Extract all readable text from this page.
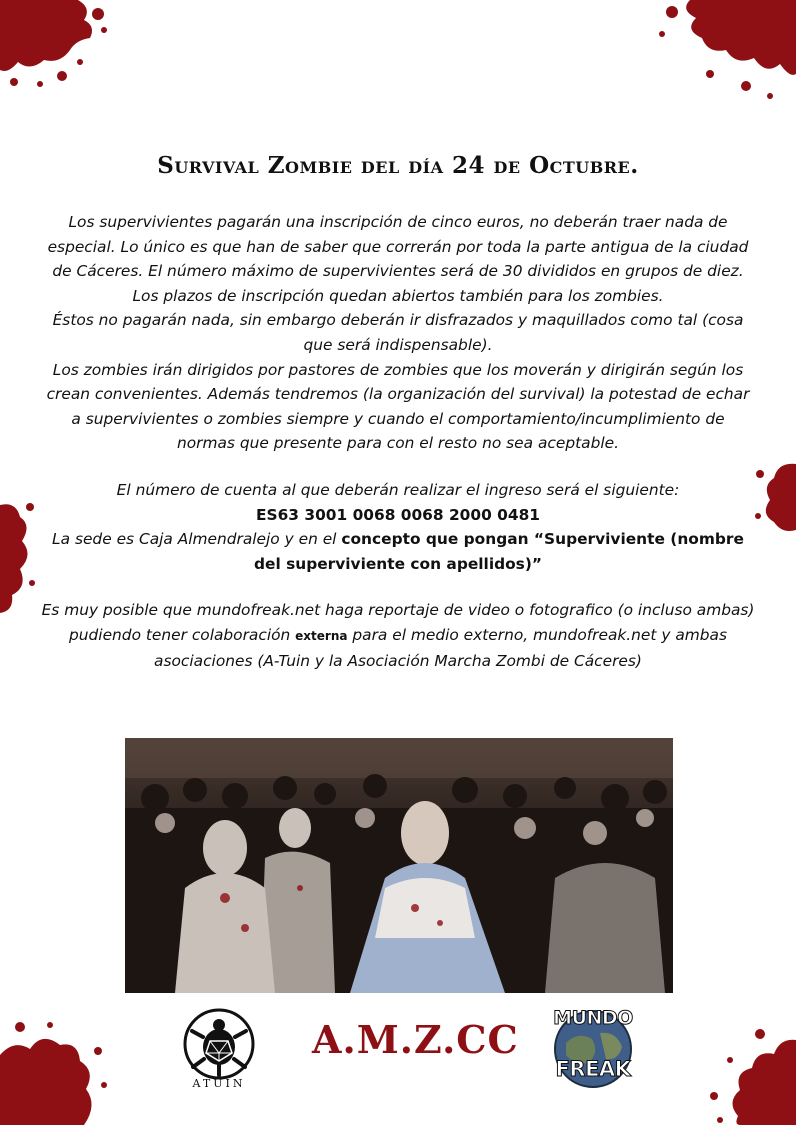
Survival Zombie del día 24 de Octubre.

Los supervivientes pagarán una inscripción de cinco euros, no deberán traer nada de especial. Lo único es que han de saber que correrán por toda la parte antigua de la ciudad de Cáceres. El número máximo de supervivientes será de 30 divididos en grupos de diez.

Los plazos de inscripción quedan abiertos también para los zombies.

Éstos no pagarán nada, sin embargo deberán ir disfrazados y maquillados como tal (cosa que será indispensable).

Los zombies irán dirigidos por pastores de zombies que los moverán y dirigirán según los crean convenientes. Además tendremos (la organización del survival) la potestad de echar a supervivientes o zombies siempre y cuando el comportamiento/incumplimiento de normas que presente para con el resto no sea aceptable.

El número de cuenta al que deberán realizar el ingreso será el siguiente:

ES63 3001 0068 0068 2000 0481

La sede es Caja Almendralejo y en el concepto que pongan “Superviviente (nombre del superviviente con apellidos)”

Es muy posible que mundofreak.net haga reportaje de video o fotografico (o incluso ambas) pudiendo tener colaboración externa para el medio externo, mundofreak.net y ambas asociaciones (A-Tuin y la Asociación Marcha Zombi de Cáceres)

ATUIN
A.M.Z.CC MUNDO
FREAK
